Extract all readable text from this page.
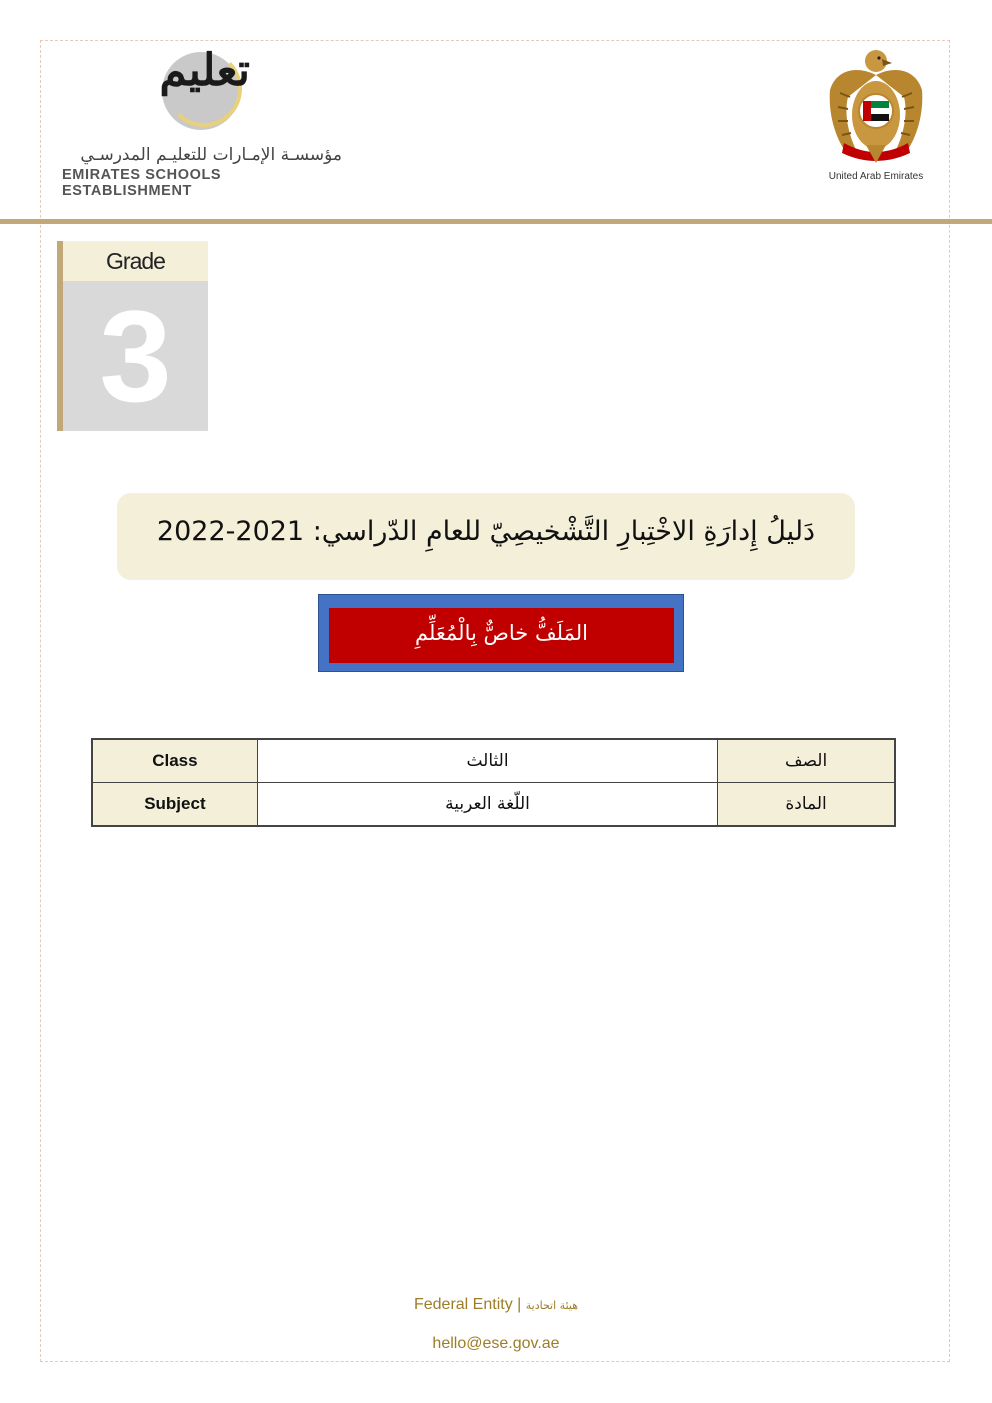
تعليم
مؤسسـة الإمـارات للتعليـم المدرسـي
EMIRATES SCHOOLS ESTABLISHMENT
United Arab Emirates
Grade
3
دَليلُ إِدارَةِ الاخْتِبارِ التَّشْخيصِيّ للعامِ الدّراسي: 2021-2022
المَلَفُّ خاصٌّ بِالْمُعَلِّمِ
Class	الثالث	الصف
Subject	اللّغة العربية	المادة
Federal Entity | هيئة اتحادية
hello@ese.gov.ae
